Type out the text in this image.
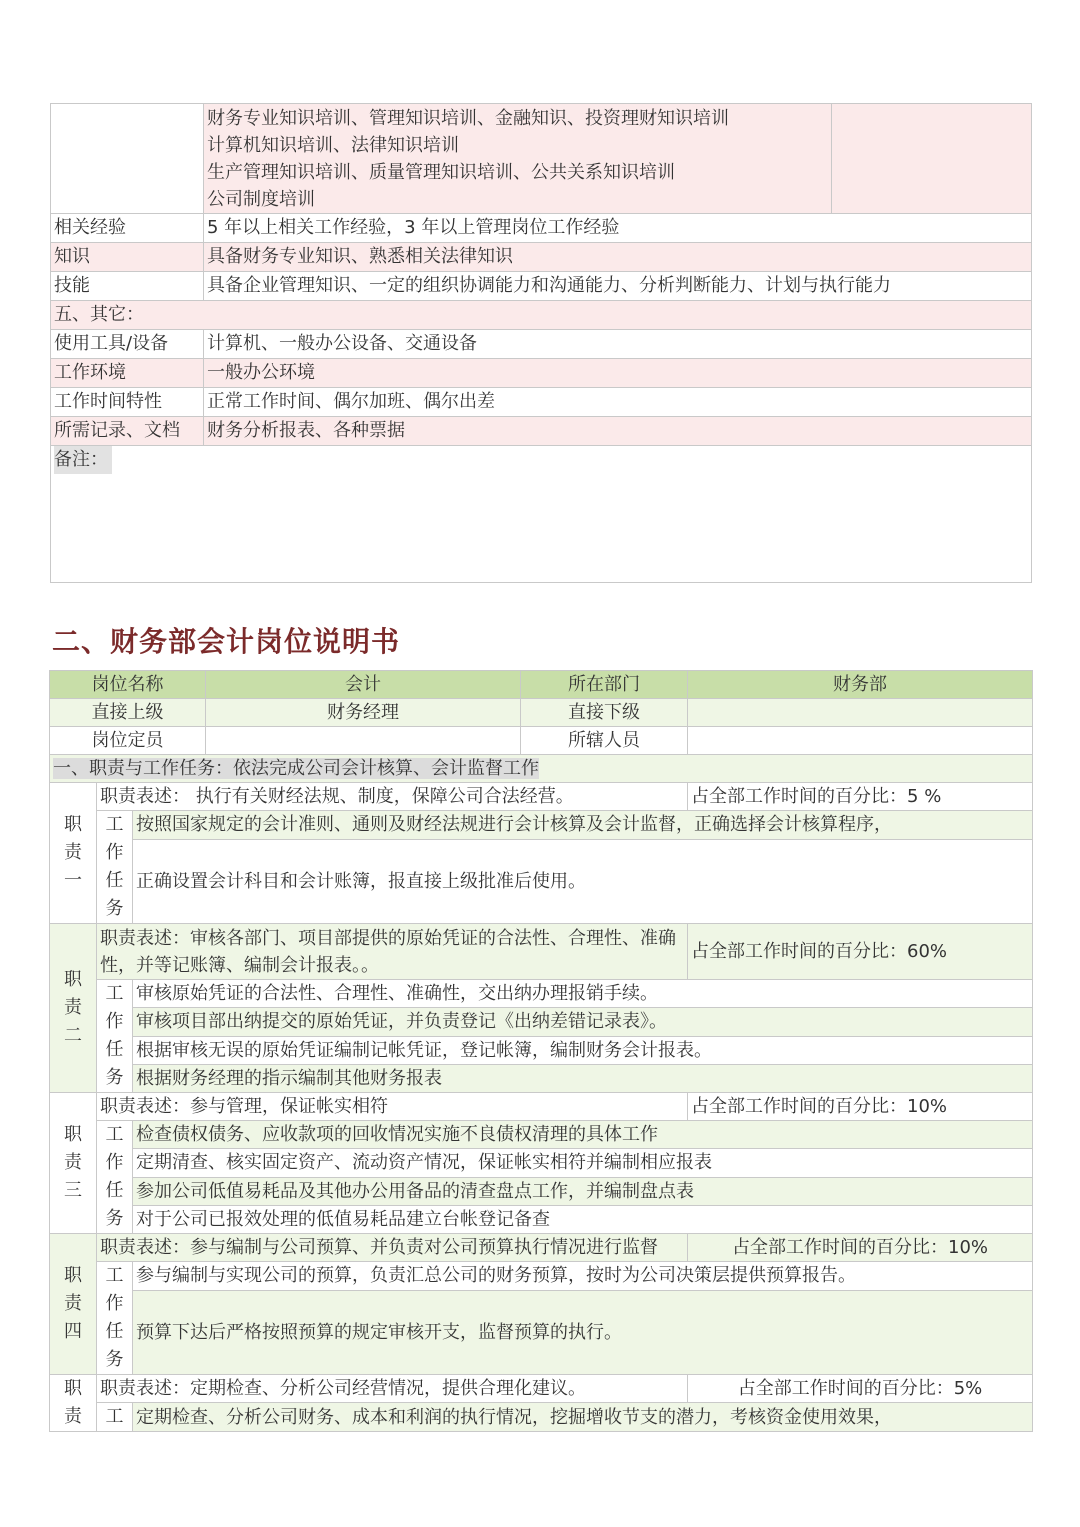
	财务专业知识培训、管理知识培训、金融知识、投资理财知识培训
计算机知识培训、法律知识培训
生产管理知识培训、质量管理知识培训、公共关系知识培训
公司制度培训	

相关经验	5 年以上相关工作经验，3 年以上管理岗位工作经验	
知识	具备财务专业知识、熟悉相关法律知识	
技能	具备企业管理知识、一定的组织协调能力和沟通能力、分析判断能力、计划与执行能力	
五、其它：		
使用工具/设备	计算机、一般办公设备、交通设备	
工作环境	一般办公环境	
工作时间特性	正常工作时间、偶尔加班、偶尔出差	
所需记录、文档	财务分析报表、各种票据	
备注：		
二、财务部会计岗位说明书
岗位名称			会计	所在部门	财务部
直接上级			财务经理	直接下级	
岗位定员				所辖人员	
一、职责与工作任务：依法完成公司会计核算、会计监督工作					

职
责
一	职责表述： 执行有关财经法规、制度，保障公司合法经营。				占全部工作时间的百分比：5 %

	工
作
任
务	按照国家规定的会计准则、通则及财经法规进行会计核算及会计监督，正确选择会计核算程序，			
		正确设置会计科目和会计账簿，报直接上级批准后使用。			

职
责
二	职责表述：审核各部门、项目部提供的原始凭证的合法性、合理性、准确性，并等记账簿、编制会计报表。。				占全部工作时间的百分比：60%

	工
作
任
务	审核原始凭证的合法性、合理性、准确性，交出纳办理报销手续。			
		审核项目部出纳提交的原始凭证，并负责登记《出纳差错记录表》。			
		根据审核无误的原始凭证编制记帐凭证，登记帐簿，编制财务会计报表。			
		根据财务经理的指示编制其他财务报表			

职
责
三	职责表述：参与管理，保证帐实相符				占全部工作时间的百分比：10%

	工
作
任
务	检查债权债务、应收款项的回收情况实施不良债权清理的具体工作			
		定期清查、核实固定资产、流动资产情况，保证帐实相符并编制相应报表			
		参加公司低值易耗品及其他办公用备品的清查盘点工作，并编制盘点表			
		对于公司已报效处理的低值易耗品建立台帐登记备查			

职
责
四	职责表述：参与编制与公司预算、并负责对公司预算执行情况进行监督				占全部工作时间的百分比：10%

	工
作
任
务	参与编制与实现公司的预算，负责汇总公司的财务预算，按时为公司决策层提供预算报告。			
		预算下达后严格按照预算的规定审核开支，监督预算的执行。			

职
责	职责表述：定期检查、分析公司经营情况，提供合理化建议。				占全部工作时间的百分比：5%

	工	定期检查、分析公司财务、成本和利润的执行情况，挖掘增收节支的潜力，考核资金使用效果，			
